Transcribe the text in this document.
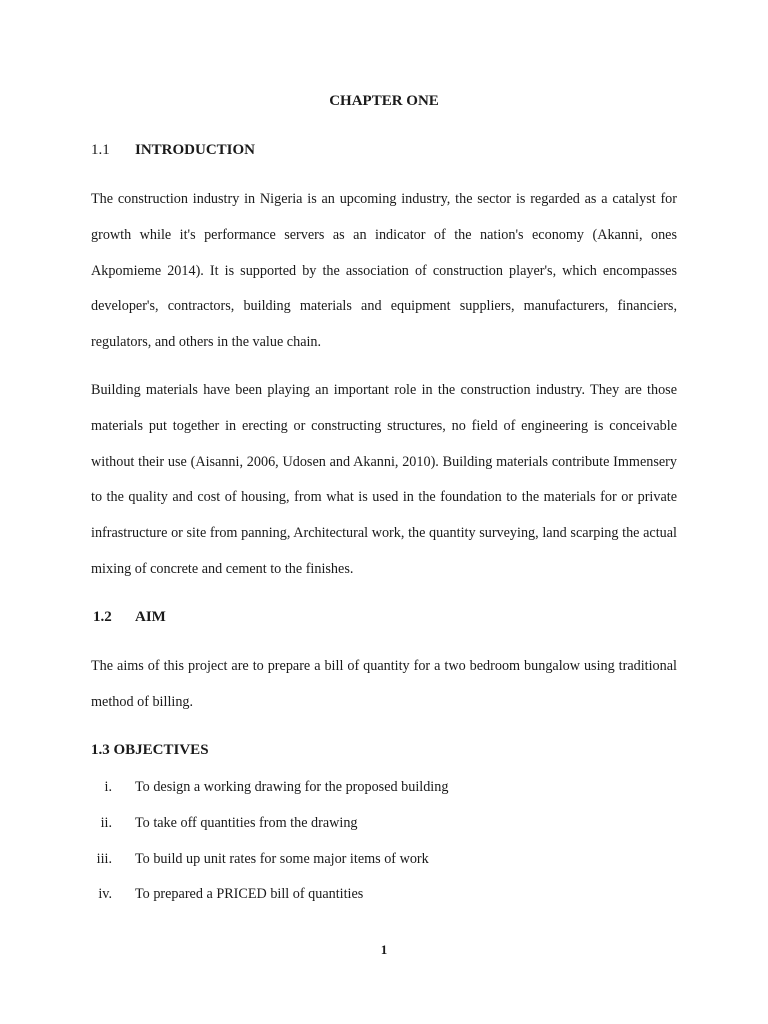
CHAPTER ONE
1.1 INTRODUCTION

The construction industry in Nigeria is an upcoming industry, the sector is regarded as a catalyst for growth while it's performance servers as an indicator of the nation's economy (Akanni, ones Akpomieme 2014). It is supported by the association of construction player's, which encompasses developer's, contractors, building materials and equipment suppliers, manufacturers, financiers, regulators, and others in the value chain.

Building materials have been playing an important role in the construction industry. They are those materials put together in erecting or constructing structures, no field of engineering is conceivable without their use (Aisanni, 2006, Udosen and Akanni, 2010). Building materials contribute Immensery to the quality and cost of housing, from what is used in the foundation to the materials for or private infrastructure or site from panning, Architectural work, the quantity surveying, land scarping the actual mixing of concrete and cement to the finishes.

1.2 AIM

The aims of this project are to prepare a bill of quantity for a two bedroom bungalow using traditional method of billing.

1.3 OBJECTIVES
i. To design a working drawing for the proposed building
ii. To take off quantities from the drawing
iii. To build up unit rates for some major items of work
iv. To prepared a PRICED bill of quantities
1
